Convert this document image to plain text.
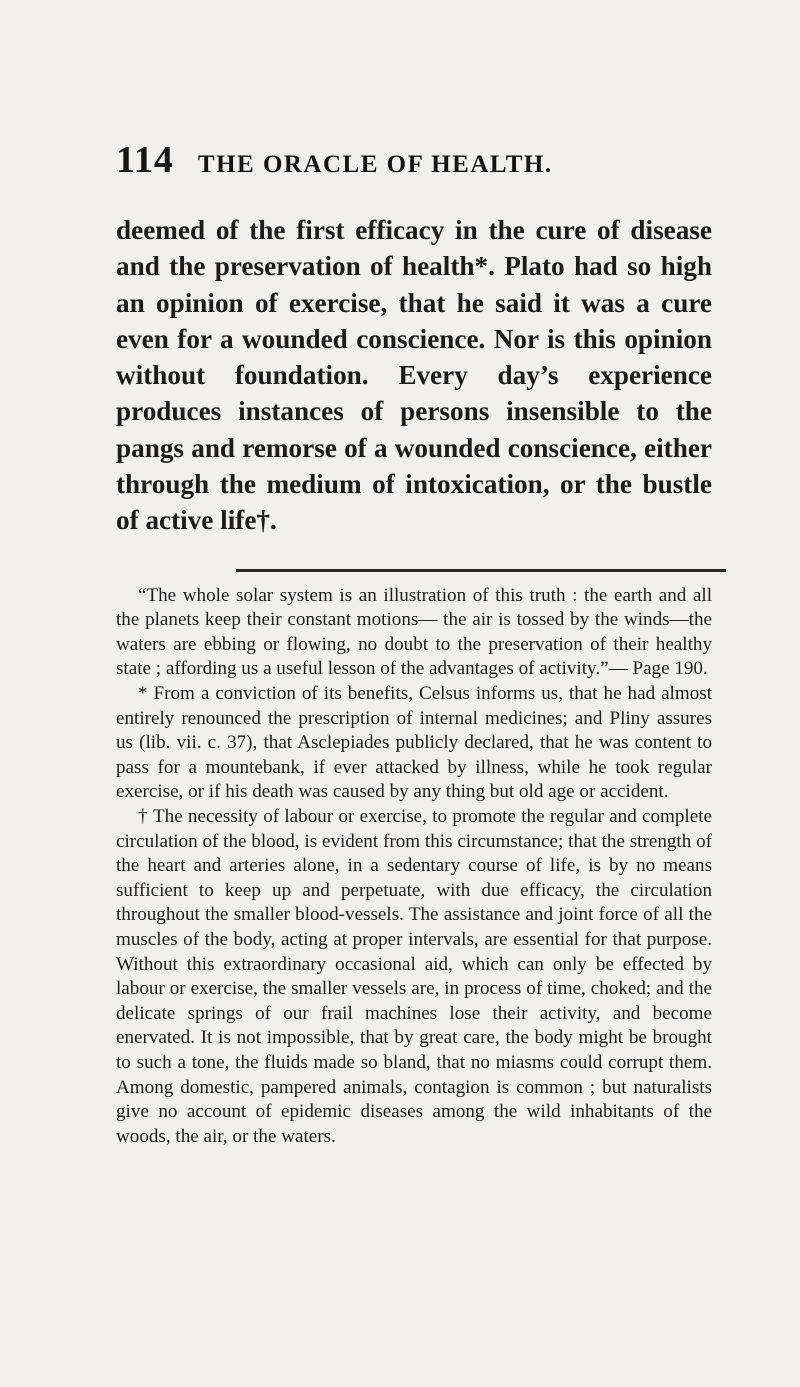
114 THE ORACLE OF HEALTH.

deemed of the first efficacy in the cure of disease and the preservation of health*. Plato had so high an opinion of exercise, that he said it was a cure even for a wounded conscience. Nor is this opinion without foundation. Every day’s experience produces instances of persons insensible to the pangs and remorse of a wounded conscience, either through the medium of intoxication, or the bustle of active life†.

“The whole solar system is an illustration of this truth : the earth and all the planets keep their constant motions— the air is tossed by the winds—the waters are ebbing or flowing, no doubt to the preservation of their healthy state ; affording us a useful lesson of the advantages of activity.”— Page 190.

* From a conviction of its benefits, Celsus informs us, that he had almost entirely renounced the prescription of internal medicines; and Pliny assures us (lib. vii. c. 37), that Asclepiades publicly declared, that he was content to pass for a mountebank, if ever attacked by illness, while he took regular exercise, or if his death was caused by any thing but old age or accident.

† The necessity of labour or exercise, to promote the regular and complete circulation of the blood, is evident from this circumstance; that the strength of the heart and arteries alone, in a sedentary course of life, is by no means sufficient to keep up and perpetuate, with due efficacy, the circulation throughout the smaller blood-vessels. The assistance and joint force of all the muscles of the body, acting at proper intervals, are essential for that purpose. Without this extraordinary occasional aid, which can only be effected by labour or exercise, the smaller vessels are, in process of time, choked; and the delicate springs of our frail machines lose their activity, and become enervated. It is not impossible, that by great care, the body might be brought to such a tone, the fluids made so bland, that no miasms could corrupt them. Among domestic, pampered animals, contagion is common ; but naturalists give no account of epidemic diseases among the wild inhabitants of the woods, the air, or the waters.
